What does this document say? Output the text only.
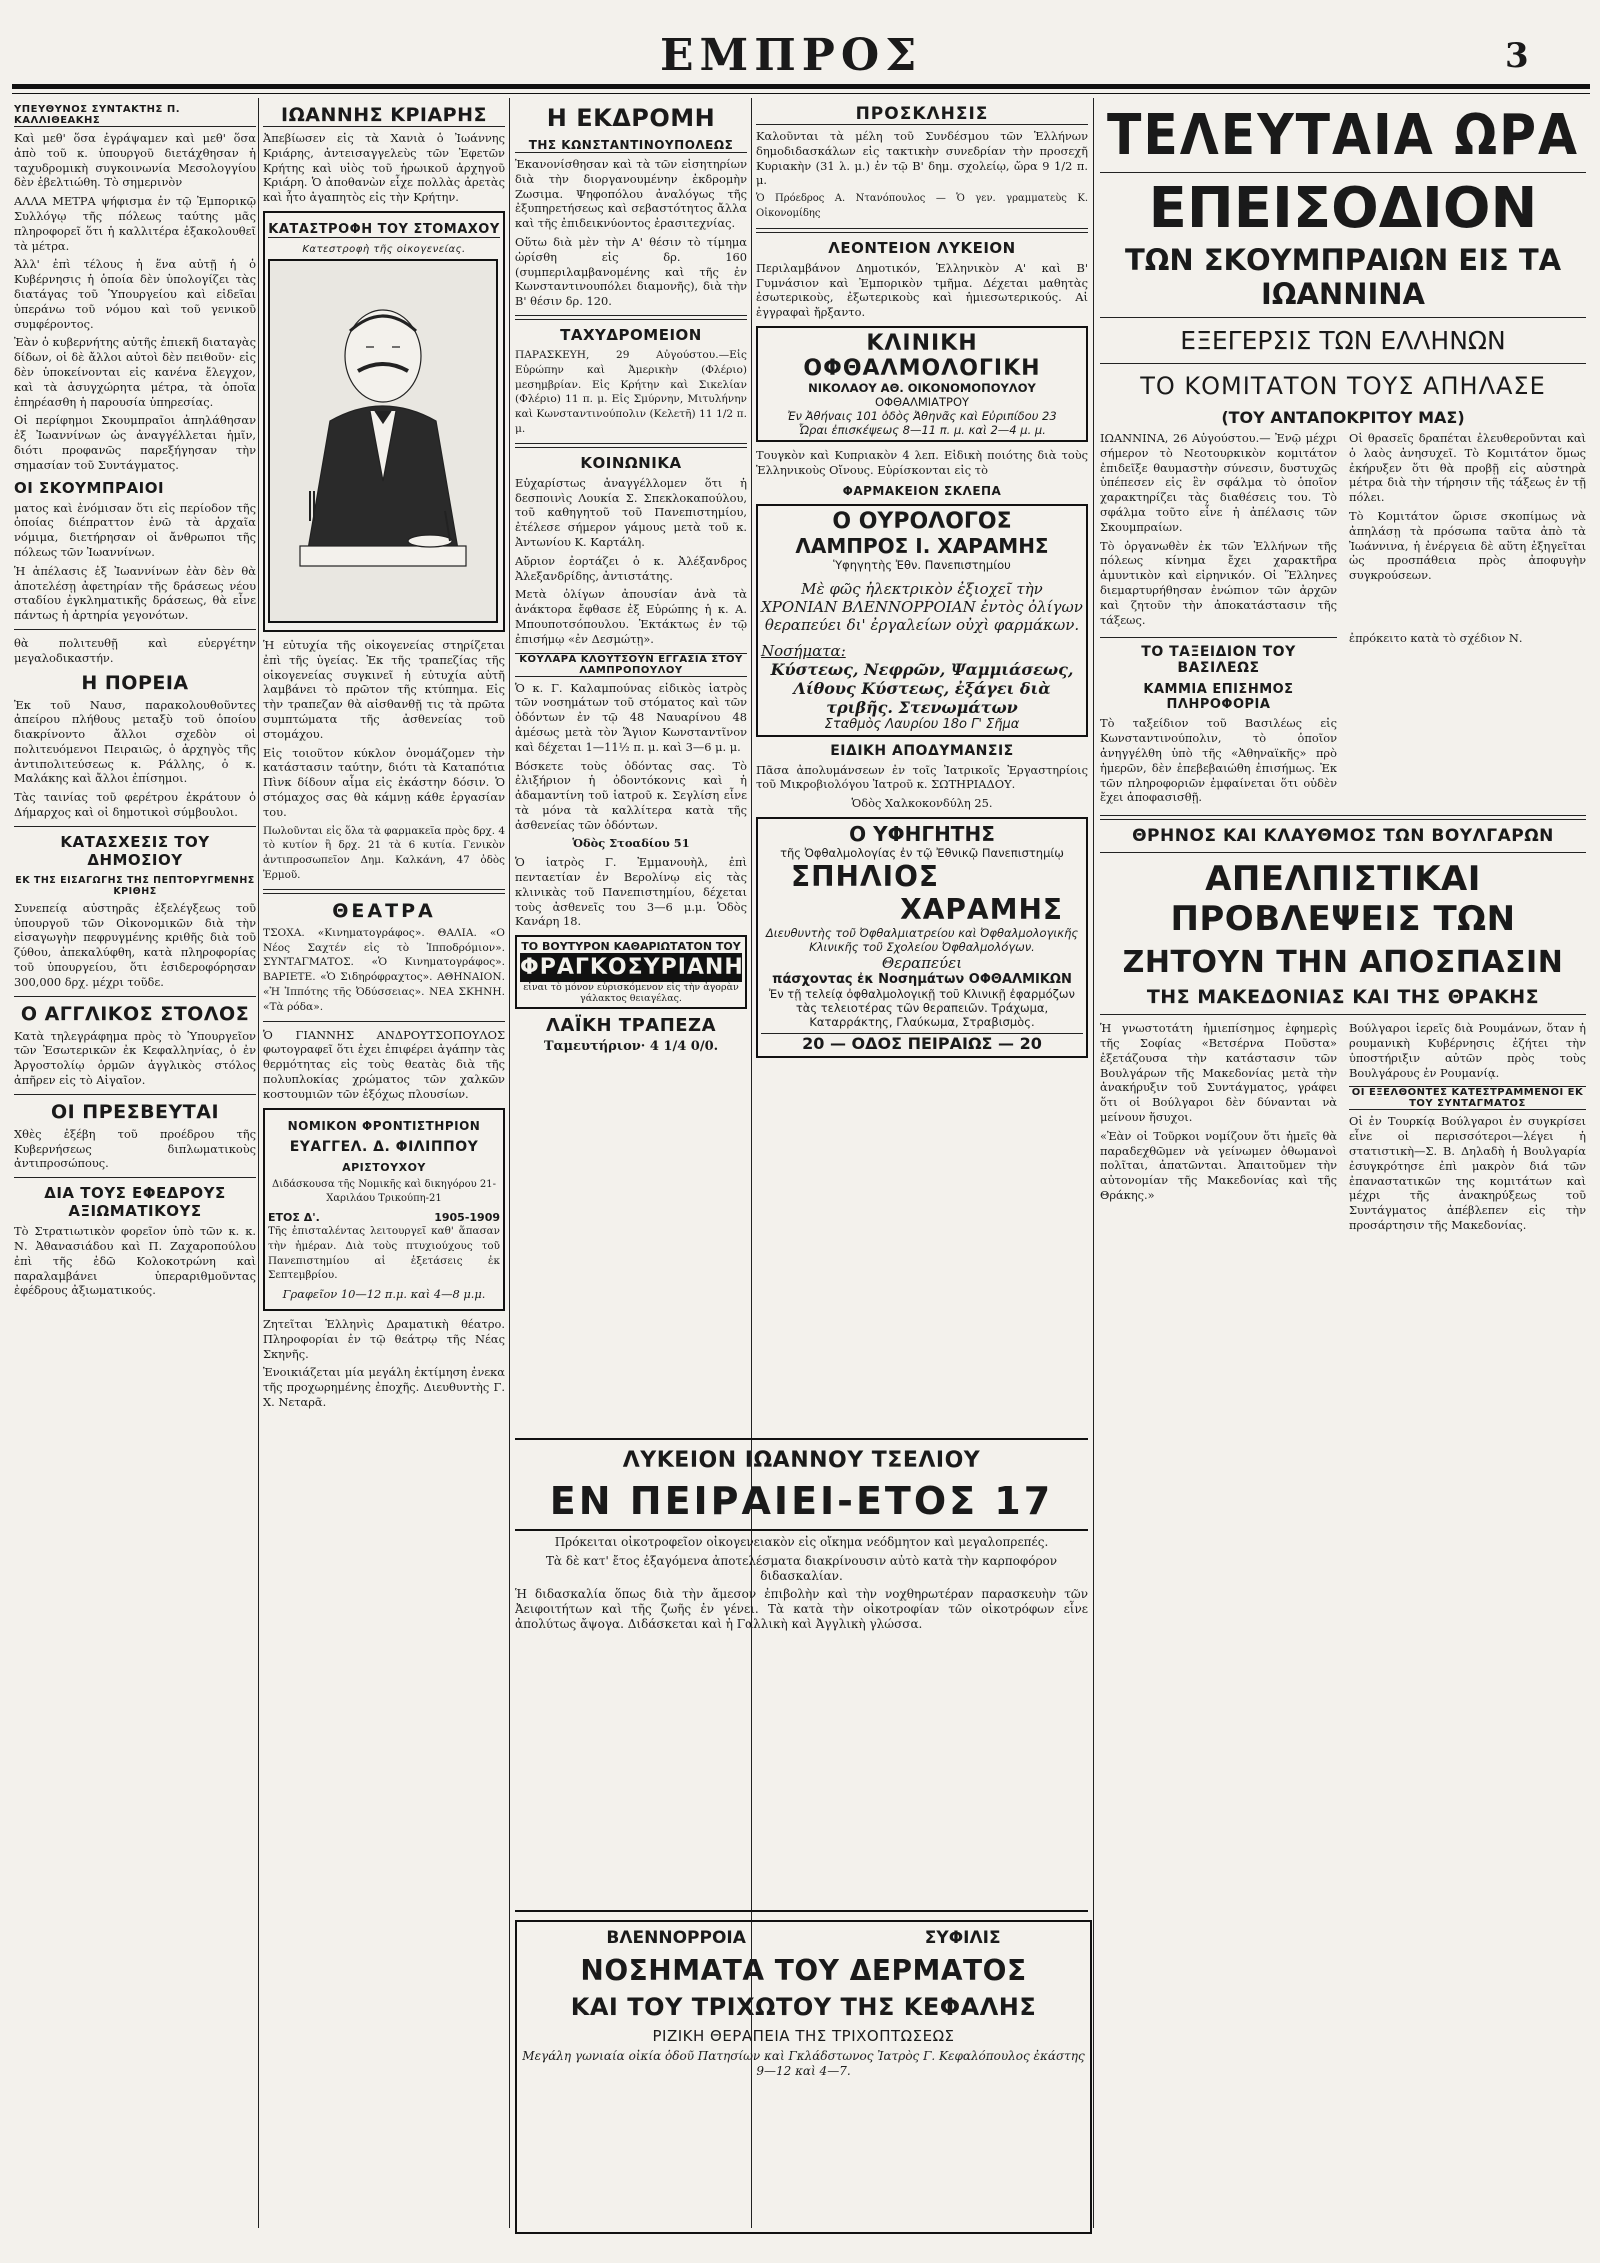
ΕΜΠΡΟΣ	3
ΥΠΕΥΘΥΝΟΣ ΣΥΝΤΑΚΤΗΣ Π. ΚΑΛΛΙΘΕΑΚΗΣ

Καὶ μεθ' ὅσα ἐγράψαμεν καὶ μεθ' ὅσα ἀπὸ τοῦ κ. ὑπουργοῦ διετάχθησαν ἡ ταχυδρομικὴ συγκοινωνία Μεσολογγίου δὲν ἐβελτιώθη. Τὸ σημερινὸν

ΑΛΛΑ ΜΕΤΡΑ ψήφισμα ἐν τῷ Ἐμπορικῷ Συλλόγῳ τῆς πόλεως ταύτης μᾶς πληροφορεῖ ὅτι ἡ καλλιτέρα ἐξακολουθεῖ τὰ μέτρα.

Ἀλλ' ἐπὶ τέλους ἡ ἕνα αὐτῇ ἡ ὁ Κυβέρνησις ἡ ὁποία δὲν ὑπολογίζει τὰς διατάγας τοῦ Ὑπουργείου καὶ εἰδεῖαι ὑπεράνω τοῦ νόμου καὶ τοῦ γενικοῦ συμφέροντος.

Ἐὰν ὁ κυβερνήτης αὐτῆς ἐπιεκῆ διαταγὰς δίδων, οἱ δὲ ἄλλοι αὐτοὶ δὲν πειθοῦν· εἰς δὲν ὑποκείνονται εἰς κανένα ἔλεγχον, καὶ τὰ ἀσυγχώρητα μέτρα, τὰ ὁποῖα ἐπηρέασθη ἡ παρουσία ὑπηρεσίας.

Οἱ περίφημοι Σκουμπραῖοι ἀπηλάθησαν ἐξ Ἰωαννίνων ὡς ἀναγγέλλεται ἡμῖν, διότι προφανῶς παρεξήγησαν τὴν σημασίαν τοῦ Συντάγματος.

ΟΙ ΣΚΟΥΜΠΡΑΙΟΙ

ματος καὶ ἐνόμισαν ὅτι εἰς περίοδον τῆς ὁποίας διέπραττον ἐνῶ τὰ ἀρχαῖα νόμιμα, διετήρησαν οἱ ἄνθρωποι τῆς πόλεως τῶν Ἰωαννίνων.

Ἡ ἀπέλασις ἐξ Ἰωαννίνων ἐὰν δὲν θὰ ἀποτελέσῃ ἀφετηρίαν τῆς δράσεως νέου σταδίου ἐγκληματικῆς δράσεως, θὰ εἶνε πάντως ἡ ἀρτηρία γεγονότων.

θὰ πολιτευθῇ καὶ εὐεργέτην μεγαλοδικαστήν.

Η ΠΟΡΕΙΑ

Ἐκ τοῦ Ναυσ, παρακολουθοῦντες ἀπείρου πλήθους μεταξὺ τοῦ ὁποίου διακρίνοντο ἄλλοι σχεδὸν οἱ πολιτευόμενοι Πειραιῶς, ὁ ἀρχηγὸς τῆς ἀντιπολιτεύσεως κ. Ράλλης, ὁ κ. Μαλάκης καὶ ἄλλοι ἐπίσημοι.

Τὰς ταινίας τοῦ φερέτρου ἐκράτουν ὁ Δήμαρχος καὶ οἱ δημοτικοὶ σύμβουλοι.

ΚΑΤΑΣΧΕΣΙΣ ΤΟΥ ΔΗΜΟΣΙΟΥ
ΕΚ ΤΗΣ ΕΙΣΑΓΩΓΗΣ ΤΗΣ ΠΕΠΤΟΡΥΓΜΕΝΗΣ ΚΡΙΘΗΣ

Συνεπείᾳ αὐστηρᾶς ἐξελέγξεως τοῦ ὑπουργοῦ τῶν Οἰκονομικῶν διὰ τὴν εἰσαγωγὴν πεφρυγμένης κριθῆς διὰ τοῦ ζύθου, ἀπεκαλύφθη, κατὰ πληροφορίας τοῦ ὑπουργείου, ὅτι ἐσιδεροφόρησαν 300,000 δρχ. μέχρι τοῦδε.

Ο ΑΓΓΛΙΚΟΣ ΣΤΟΛΟΣ

Κατὰ τηλεγράφημα πρὸς τὸ Ὑπουργεῖον τῶν Ἐσωτερικῶν ἐκ Κεφαλληνίας, ὁ ἐν Ἀργοστολίῳ ὁρμῶν ἀγγλικὸς στόλος ἀπῆρεν εἰς τὸ Αἰγαῖον.

ΟΙ ΠΡΕΣΒΕΥΤΑΙ

Χθὲς ἐξέβη τοῦ προέδρου τῆς Κυβερνήσεως διπλωματικοὺς ἀντιπροσώπους.

ΔΙΑ ΤΟΥΣ ΕΦΕΔΡΟΥΣ ΑΞΙΩΜΑΤΙΚΟΥΣ

Τὸ Στρατιωτικὸν φορεῖον ὑπὸ τῶν κ. κ. Ν. Ἀθανασιάδου καὶ Π. Ζαχαροπούλου ἐπὶ τῆς ἐδῶ Κολοκοτρώνη καὶ παραλαμβάνει ὑπεραριθμοῦντας ἐφέδρους ἀξιωματικούς.

ΙΩΑΝΝΗΣ ΚΡΙΑΡΗΣ

Ἀπεβίωσεν εἰς τὰ Χανιὰ ὁ Ἰωάννης Κριάρης, ἀντεισαγγελεὺς τῶν Ἐφετῶν Κρήτης καὶ υἱὸς τοῦ ἡρωικοῦ ἀρχηγοῦ Κριάρη. Ὁ ἀποθανὼν εἶχε πολλὰς ἀρετὰς καὶ ἦτο ἀγαπητὸς εἰς τὴν Κρήτην.

ΚΑΤΑΣΤΡΟΦΗ ΤΟΥ ΣΤΟΜΑΧΟΥ
Κατεστροφὴ τῆς οἰκογενείας.

Ἡ εὐτυχία τῆς οἰκογενείας στηρίζεται ἐπὶ τῆς ὑγείας. Ἐκ τῆς τραπεζίας τῆς οἰκογενείας συγκινεῖ ἡ εὐτυχία αὐτῆ λαμβάνει τὸ πρῶτον τῆς κτύπημα. Εἰς τὴν τραπεζαν θὰ αἰσθανθῇ τις τὰ πρῶτα συμπτώματα τῆς ἀσθενείας τοῦ στομάχου.

Εἰς τοιοῦτον κύκλον ὀνομάζομεν τὴν κατάστασιν ταύτην, διότι τὰ Καταπότια Πὶνκ δίδουν αἷμα εἰς ἐκάστην δόσιν. Ὁ στόμαχος σας θὰ κάμνῃ κάθε ἐργασίαν του.

Πωλοῦνται εἰς ὅλα τὰ φαρμακεῖα πρὸς δρχ. 4 τὸ κυτίον ἢ δρχ. 21 τὰ 6 κυτία. Γενικὸν ἀντιπροσωπεῖον Δημ. Καλκάνη, 47 ὁδὸς Ἑρμοῦ.

ΘΕΑΤΡΑ

ΤΣΟΧΑ. «Κινηματογράφος». ΘΑΛΙΑ. «Ο Νέος Σαχτέν εἰς τὸ Ἱπποδρόμιον». ΣΥΝΤΑΓΜΑΤΟΣ. «Ὁ Κινηματογράφος». ΒΑΡΙΕΤΕ. «Ὁ Σιδηρόφραχτος». ΑΘΗΝΑΙΟΝ. «Ἡ Ἱππότης τῆς Ὀδύσσειας». ΝΕΑ ΣΚΗΝΗ. «Τὰ ρόδα».

Ὁ ΓΙΑΝΝΗΣ ΑΝΔΡΟΥΤΣΟΠΟΥΛΟΣ φωτογραφεῖ ὅτι ἐχει ἐπιφέρει ἀγάπην τὰς θερμότητας εἰς τοὺς θεατὰς διὰ τῆς πολυπλοκίας χρώματος τῶν χαλκῶν κοστουμιῶν τῶν ἐξόχως πλουσίων.

ΝΟΜΙΚΟΝ ΦΡΟΝΤΙΣΤΗΡΙΟΝ
ΕΥΑΓΓΕΛ. Δ. ΦΙΛΙΠΠΟΥ
ΑΡΙΣΤΟΥΧΟΥ
Διδάσκουσα τῆς Νομικῆς καὶ δικηγόρου 21-Χαριλάου Τρικούπη-21
ΕΤΟΣ Δ'.	1905-1909

Τῆς ἐπισταλέντας λειτουργεῖ καθ' ἅπασαν τὴν ἡμέραν. Διὰ τοὺς πτυχιούχους τοῦ Πανεπιστημίου αἱ ἐξετάσεις ἐκ Σεπτεμβρίου.

Γραφεῖον 10—12 π.μ. καὶ 4—8 μ.μ.

Ζητεῖται Ἑλληνὶς Δραματικὴ θέατρο. Πληροφορίαι ἐν τῷ θεάτρῳ τῆς Νέας Σκηνῆς.

Ἐνοικιάζεται μία μεγάλη ἐκτίμηση ἐνεκα τῆς προχωρημένης ἐποχῆς. Διευθυντὴς Γ. Χ. Νεταρᾶ.

Η ΕΚΔΡΟΜΗ
ΤΗΣ ΚΩΝΣΤΑΝΤΙΝΟΥΠΟΛΕΩΣ

Ἐκανονίσθησαν καὶ τὰ τῶν εἰσητηρίων διὰ τὴν διοργανουμένην ἐκδρομὴν Ζωσιμα. Ψηφοπόλου ἀναλόγως τῆς ἐξυπηρετήσεως καὶ σεβαστότητος ἄλλα καὶ τῆς ἐπιδεικνύοντος ἐρασιτεχνίας.

Οὕτω διὰ μὲν τὴν Α' θέσιν τὸ τίμημα ὡρίσθη εἰς δρ. 160 (συμπεριλαμβανομένης καὶ τῆς ἐν Κωνσταντινουπόλει διαμονῆς), διὰ τὴν Β' θέσιν δρ. 120.

ΤΑΧΥΔΡΟΜΕΙΟΝ

ΠΑΡΑΣΚΕΥΗ, 29 Αὐγούστου.—Εἰς Εὐρώπην καὶ Ἀμερικὴν (Φλέριο) μεσημβρίαν. Εἰς Κρήτην καὶ Σικελίαν (Φλέριο) 11 π. μ. Εἰς Σμύρνην, Μιτυλήνην καὶ Κωνσταντινούπολιν (Κελετῆ) 11 1/2 π. μ.

ΚΟΙΝΩΝΙΚΑ

Εὐχαρίστως ἀναγγέλλομεν ὅτι ἡ δεσποινὶς Λουκία Σ. Σπεκλοκαπούλου, τοῦ καθηγητοῦ τοῦ Πανεπιστημίου, ἐτέλεσε σήμερον γάμους μετὰ τοῦ κ. Ἀντωνίου Κ. Καρτάλη.

Αὔριον ἐορτάζει ὁ κ. Ἀλέξανδρος Ἀλεξανδρίδης, ἀντιστάτης.

Μετὰ ὀλίγων ἀπουσίαν ἀνὰ τὰ ἀνάκτορα ἔφθασε ἐξ Εὐρώπης ἡ κ. Α. Μπουποτσόπουλου. Ἐκτάκτως ἐν τῷ ἐπισήμῳ «ἐν Δεσμώτῃ».

ΚΟΥΛΑΡΑ ΚΛΟΥΤΣΟΥΝ ΕΓΓΑΣΙΑ ΣΤΟΥ ΛΑΜΠΡΟΠΟΥΛΟΥ

Ὁ κ. Γ. Καλαμπούνας εἰδικὸς ἰατρὸς τῶν νοσημάτων τοῦ στόματος καὶ τῶν ὀδόντων ἐν τῷ 48 Ναυαρίνου 48 ἀμέσως μετὰ τὸν Ἅγιον Κωνσταντῖνον καὶ δέχεται 1—11½ π. μ. καὶ 3—6 μ. μ.

Βόσκετε τοὺς ὀδόντας σας. Τὸ ἐλιξήριον ἡ ὀδοντόκονις καὶ ἡ ἀδαμαντίνη τοῦ ἰατροῦ κ. Σεγλίση εἶνε τὰ μόνα τὰ καλλίτερα κατὰ τῆς ἀσθενείας τῶν ὀδόντων.

Ὁδὸς Στοαδίου 51

Ὁ ἰατρὸς Γ. Ἐμμανουὴλ, ἐπὶ πενταετίαν ἐν Βερολίνῳ εἰς τὰς κλινικὰς τοῦ Πανεπιστημίου, δέχεται τοὺς ἀσθενεῖς του 3—6 μ.μ. Ὁδὸς Κανάρη 18.

ΤΟ ΒΟΥΤΥΡΟΝ ΚΑΘΑΡΙΩΤΑΤΟΝ ΤΟΥ
ΦΡΑΓΚΟΣΥΡΙΑΝΗ
εἶναι τὸ μόνον εὐρισκόμενον εἰς τὴν ἀγορὰν γάλακτος θειαγέλας.
ΛΑΪΚΗ ΤΡΑΠΕΖΑ
Ταμευτήριον· 4 1/4 0/0.
ΠΡΟΣΚΛΗΣΙΣ

Καλοῦνται τὰ μέλη τοῦ Συνδέσμου τῶν Ἑλλήνων δημοδιδασκάλων εἰς τακτικὴν συνεδρίαν τὴν προσεχῆ Κυριακὴν (31 λ. μ.) ἐν τῷ Β' δημ. σχολείῳ, ὥρα 9 1/2 π. μ.

Ὁ Πρόεδρος Α. Ντανόπουλος — Ὁ γεν. γραμματεὺς Κ. Οἰκονομίδης
ΛΕΟΝΤΕΙΟΝ ΛΥΚΕΙΟΝ

Περιλαμβάνον Δημοτικόν, Ἑλληνικὸν Α' καὶ Β' Γυμνάσιον καὶ Ἐμπορικὸν τμῆμα. Δέχεται μαθητὰς ἐσωτερικοὺς, ἐξωτερικοὺς καὶ ἡμιεσωτερικούς. Αἱ ἐγγραφαὶ ἤρξαντο.

ΚΛΙΝΙΚΗ
ΟΦΘΑΛΜΟΛΟΓΙΚΗ
ΝΙΚΟΛΑΟΥ ΑΘ. ΟΙΚΟΝΟΜΟΠΟΥΛΟΥ
ΟΦΘΑΛΜΙΑΤΡΟΥ
Ἐν Ἀθήναις 101 ὁδὸς Ἀθηνᾶς καὶ Εὐριπίδου 23
Ὧραι ἐπισκέψεως 8—11 π. μ. καὶ 2—4 μ. μ.

Τουγκὸν καὶ Κυπριακὸν 4 λεπ. Εἰδικὴ ποιότης διὰ τοὺς Ἑλληνικοὺς Οἴνους. Εὑρίσκονται εἰς τὸ

ΦΑΡΜΑΚΕΙΟΝ ΣΚΛΕΠΑ
Ο ΟΥΡΟΛΟΓΟΣ
ΛΑΜΠΡΟΣ Ι. ΧΑΡΑΜΗΣ
Ὑφηγητὴς Ἐθν. Πανεπιστημίου
Μὲ φῶς ἠλεκτρικὸν ἐξιοχεῖ τὴν ΧΡΟΝΙΑΝ ΒΛΕΝΝΟΡΡΟΙΑΝ ἐντὸς ὀλίγων θεραπεύει δι' ἐργαλείων οὐχὶ φαρμάκων.
Νοσήματα:
Κύστεως, Νεφρῶν, Ψαμμιάσεως, Λίθους Κύστεως, ἐξάγει διὰ τριβῆς. Στενωμάτων
Σταθμὸς Λαυρίου 18ο Γ' Σῆμα
ΕΙΔΙΚΗ ΑΠΟΔΥΜΑΝΣΙΣ

Πᾶσα ἀπολυμάνσεων ἐν τοῖς Ἰατρικοῖς Ἐργαστηρίοις τοῦ Μικροβιολόγου Ἰατροῦ κ. ΣΩΤΗΡΙΑΔΟΥ.

Ὁδὸς Χαλκοκονδύλη 25.
Ο ΥΦΗΓΗΤΗΣ
τῆς Ὀφθαλμολογίας ἐν τῷ Ἐθνικῷ Πανεπιστημίῳ
ΣΠΗΛΙΟΣ
ΧΑΡΑΜΗΣ
Διευθυντὴς τοῦ Ὀφθαλμιατρείου καὶ Ὀφθαλμολογικῆς Κλινικῆς τοῦ Σχολείου Ὀφθαλμολόγων.
Θεραπεύει
πάσχοντας ἐκ Νοσημάτων ΟΦΘΑΛΜΙΚΩΝ
Ἐν τῇ τελείᾳ ὀφθαλμολογικῇ τοῦ Κλινικῇ ἐφαρμόζων τὰς τελειοτέρας τῶν θεραπειῶν. Τράχωμα, Καταρράκτης, Γλαύκωμα, Στραβισμὸς.
20 — ΟΔΟΣ ΠΕΙΡΑΙΩΣ — 20
ΛΥΚΕΙΟΝ ΙΩΑΝΝΟΥ ΤΣΕΛΙΟΥ
ΕΝ ΠΕΙΡΑΙΕΙ-ΕΤΟΣ 17

Πρόκειται οἰκοτροφεῖον οἰκογενειακὸν εἰς οἴκημα νεόδμητον καὶ μεγαλοπρεπές.

Τὰ δὲ κατ' ἔτος ἐξαγόμενα ἀποτελέσματα διακρίνουσιν αὐτὸ κατὰ τὴν καρποφόρον διδασκαλίαν.

Ἡ διδασκαλία ὅπως διὰ τὴν ἄμεσον ἐπιβολὴν καὶ τὴν νοχθηρωτέραν παρασκευὴν τῶν Ἀειφοιτήτων καὶ τῆς ζωῆς ἐν γένει. Τὰ κατὰ τὴν οἰκοτροφίαν τῶν οἰκοτρόφων εἶνε ἀπολύτως ἄψογα. Διδάσκεται καὶ ἡ Γαλλικὴ καὶ Ἀγγλικὴ γλώσσα.

ΒΛΕΝΝΟΡΡΟΙΑ	ΣΥΦΙΛΙΣ
ΝΟΣΗΜΑΤΑ ΤΟΥ ΔΕΡΜΑΤΟΣ
ΚΑΙ ΤΟΥ ΤΡΙΧΩΤΟΥ ΤΗΣ ΚΕΦΑΛΗΣ
ΡΙΖΙΚΗ ΘΕΡΑΠΕΙΑ ΤΗΣ ΤΡΙΧΟΠΤΩΣΕΩΣ

Μεγάλη γωνιαία οἰκία ὁδοῦ Πατησίων καὶ Γκλάδστωνος Ἰατρὸς Γ. Κεφαλόπουλος ἐκάστης 9—12 καὶ 4—7.

ΤΕΛΕΥΤΑΙΑ ΩΡΑ
ΕΠΕΙΣΟΔΙΟΝ
ΤΩΝ ΣΚΟΥΜΠΡΑΙΩΝ ΕΙΣ ΤΑ ΙΩΑΝΝΙΝΑ
ΕΞΕΓΕΡΣΙΣ ΤΩΝ ΕΛΛΗΝΩΝ
ΤΟ ΚΟΜΙΤΑΤΟΝ ΤΟΥΣ ΑΠΗΛΑΣΕ
(ΤΟΥ ΑΝΤΑΠΟΚΡΙΤΟΥ ΜΑΣ)

ΙΩΑΝΝΙΝΑ, 26 Αὐγούστου.— Ἐνῷ μέχρι σήμερον τὸ Νεοτουρκικὸν κομιτάτον ἐπιδεῖξε θαυμαστὴν σύνεσιν, δυστυχῶς ὑπέπεσεν εἰς ἓν σφάλμα τὸ ὁποῖον χαρακτηρίζει τὰς διαθέσεις του. Τὸ σφάλμα τοῦτο εἶνε ἡ ἀπέλασις τῶν Σκουμπραίων.

Τὸ ὀργανωθὲν ἐκ τῶν Ἑλλήνων τῆς πόλεως κίνημα ἔχει χαρακτῆρα ἀμυντικὸν καὶ εἰρηνικόν. Οἱ Ἕλληνες διεμαρτυρήθησαν ἐνώπιον τῶν ἀρχῶν καὶ ζητοῦν τὴν ἀποκατάστασιν τῆς τάξεως.

Οἱ θρασεῖς δραπέται ἐλευθεροῦνται καὶ ὁ λαὸς ἀνησυχεῖ. Τὸ Κομιτάτον ὅμως ἐκήρυξεν ὅτι θὰ προβῇ εἰς αὐστηρὰ μέτρα διὰ τὴν τήρησιν τῆς τάξεως ἐν τῇ πόλει.

Τὸ Κομιτάτον ὥρισε σκοπίμως νὰ ἀπηλάσῃ τὰ πρόσωπα ταῦτα ἀπὸ τὰ Ἰωάννινα, ἡ ἐνέργεια δὲ αὕτη ἐξηγεῖται ὡς προσπάθεια πρὸς ἀποφυγὴν συγκρούσεων.

ΤΟ ΤΑΞΕΙΔΙΟΝ ΤΟΥ ΒΑΣΙΛΕΩΣ
ΚΑΜΜΙΑ ΕΠΙΣΗΜΟΣ ΠΛΗΡΟΦΟΡΙΑ

Τὸ ταξείδιον τοῦ Βασιλέως εἰς Κωνσταντινούπολιν, τὸ ὁποῖον ἀνηγγέλθη ὑπὸ τῆς «Ἀθηναϊκῆς» πρὸ ἡμερῶν, δὲν ἐπεβεβαιώθη ἐπισήμως. Ἐκ τῶν πληροφοριῶν ἐμφαίνεται ὅτι οὐδὲν ἔχει ἀποφασισθῇ.

ἐπρόκειτο κατὰ τὸ σχέδιον Ν.

ΘΡΗΝΟΣ ΚΑΙ ΚΛΑΥΘΜΟΣ ΤΩΝ ΒΟΥΛΓΑΡΩΝ
ΑΠΕΛΠΙΣΤΙΚΑΙ ΠΡΟΒΛΕΨΕΙΣ ΤΩΝ
ΖΗΤΟΥΝ ΤΗΝ ΑΠΟΣΠΑΣΙΝ
ΤΗΣ ΜΑΚΕΔΟΝΙΑΣ ΚΑΙ ΤΗΣ ΘΡΑΚΗΣ

Ἡ γνωστοτάτη ἡμιεπίσημος ἐφημερὶς τῆς Σοφίας «Βετσέρνα Ποῦστα» ἐξετάζουσα τὴν κατάστασιν τῶν Βουλγάρων τῆς Μακεδονίας μετὰ τὴν ἀνακήρυξιν τοῦ Συντάγματος, γράφει ὅτι οἱ Βούλγαροι δὲν δύνανται νὰ μείνουν ἥσυχοι.

«Ἐὰν οἱ Τοῦρκοι νομίζουν ὅτι ἡμεῖς θὰ παραδεχθῶμεν νὰ γείνωμεν ὀθωμανοὶ πολῖται, ἀπατῶνται. Ἀπαιτοῦμεν τὴν αὐτονομίαν τῆς Μακεδονίας καὶ τῆς Θράκης.»

Βούλγαροι ἱερεῖς διὰ Ρουμάνων, ὅταν ἡ ρουμανικὴ Κυβέρνησις ἐζήτει τὴν ὑποστήριξιν αὐτῶν πρὸς τοὺς Βουλγάρους ἐν Ρουμανίᾳ.

ΟΙ ΕΞΕΛΘΟΝΤΕΣ ΚΑΤΕΣΤΡΑΜΜΕΝΟΙ ΕΚ ΤΟΥ ΣΥΝΤΑΓΜΑΤΟΣ

Οἱ ἐν Τουρκίᾳ Βούλγαροι ἐν συγκρίσει εἶνε οἱ περισσότεροι—λέγει ἡ στατιστικὴ—Σ. Β. Δηλαδὴ ἡ Βουλγαρία ἐσυγκρότησε ἐπὶ μακρὸν διά τῶν ἐπαναστατικῶν της κομιτάτων καὶ μέχρι τῆς ἀνακηρύξεως τοῦ Συντάγματος ἀπέβλεπεν εἰς τὴν προσάρτησιν τῆς Μακεδονίας.
